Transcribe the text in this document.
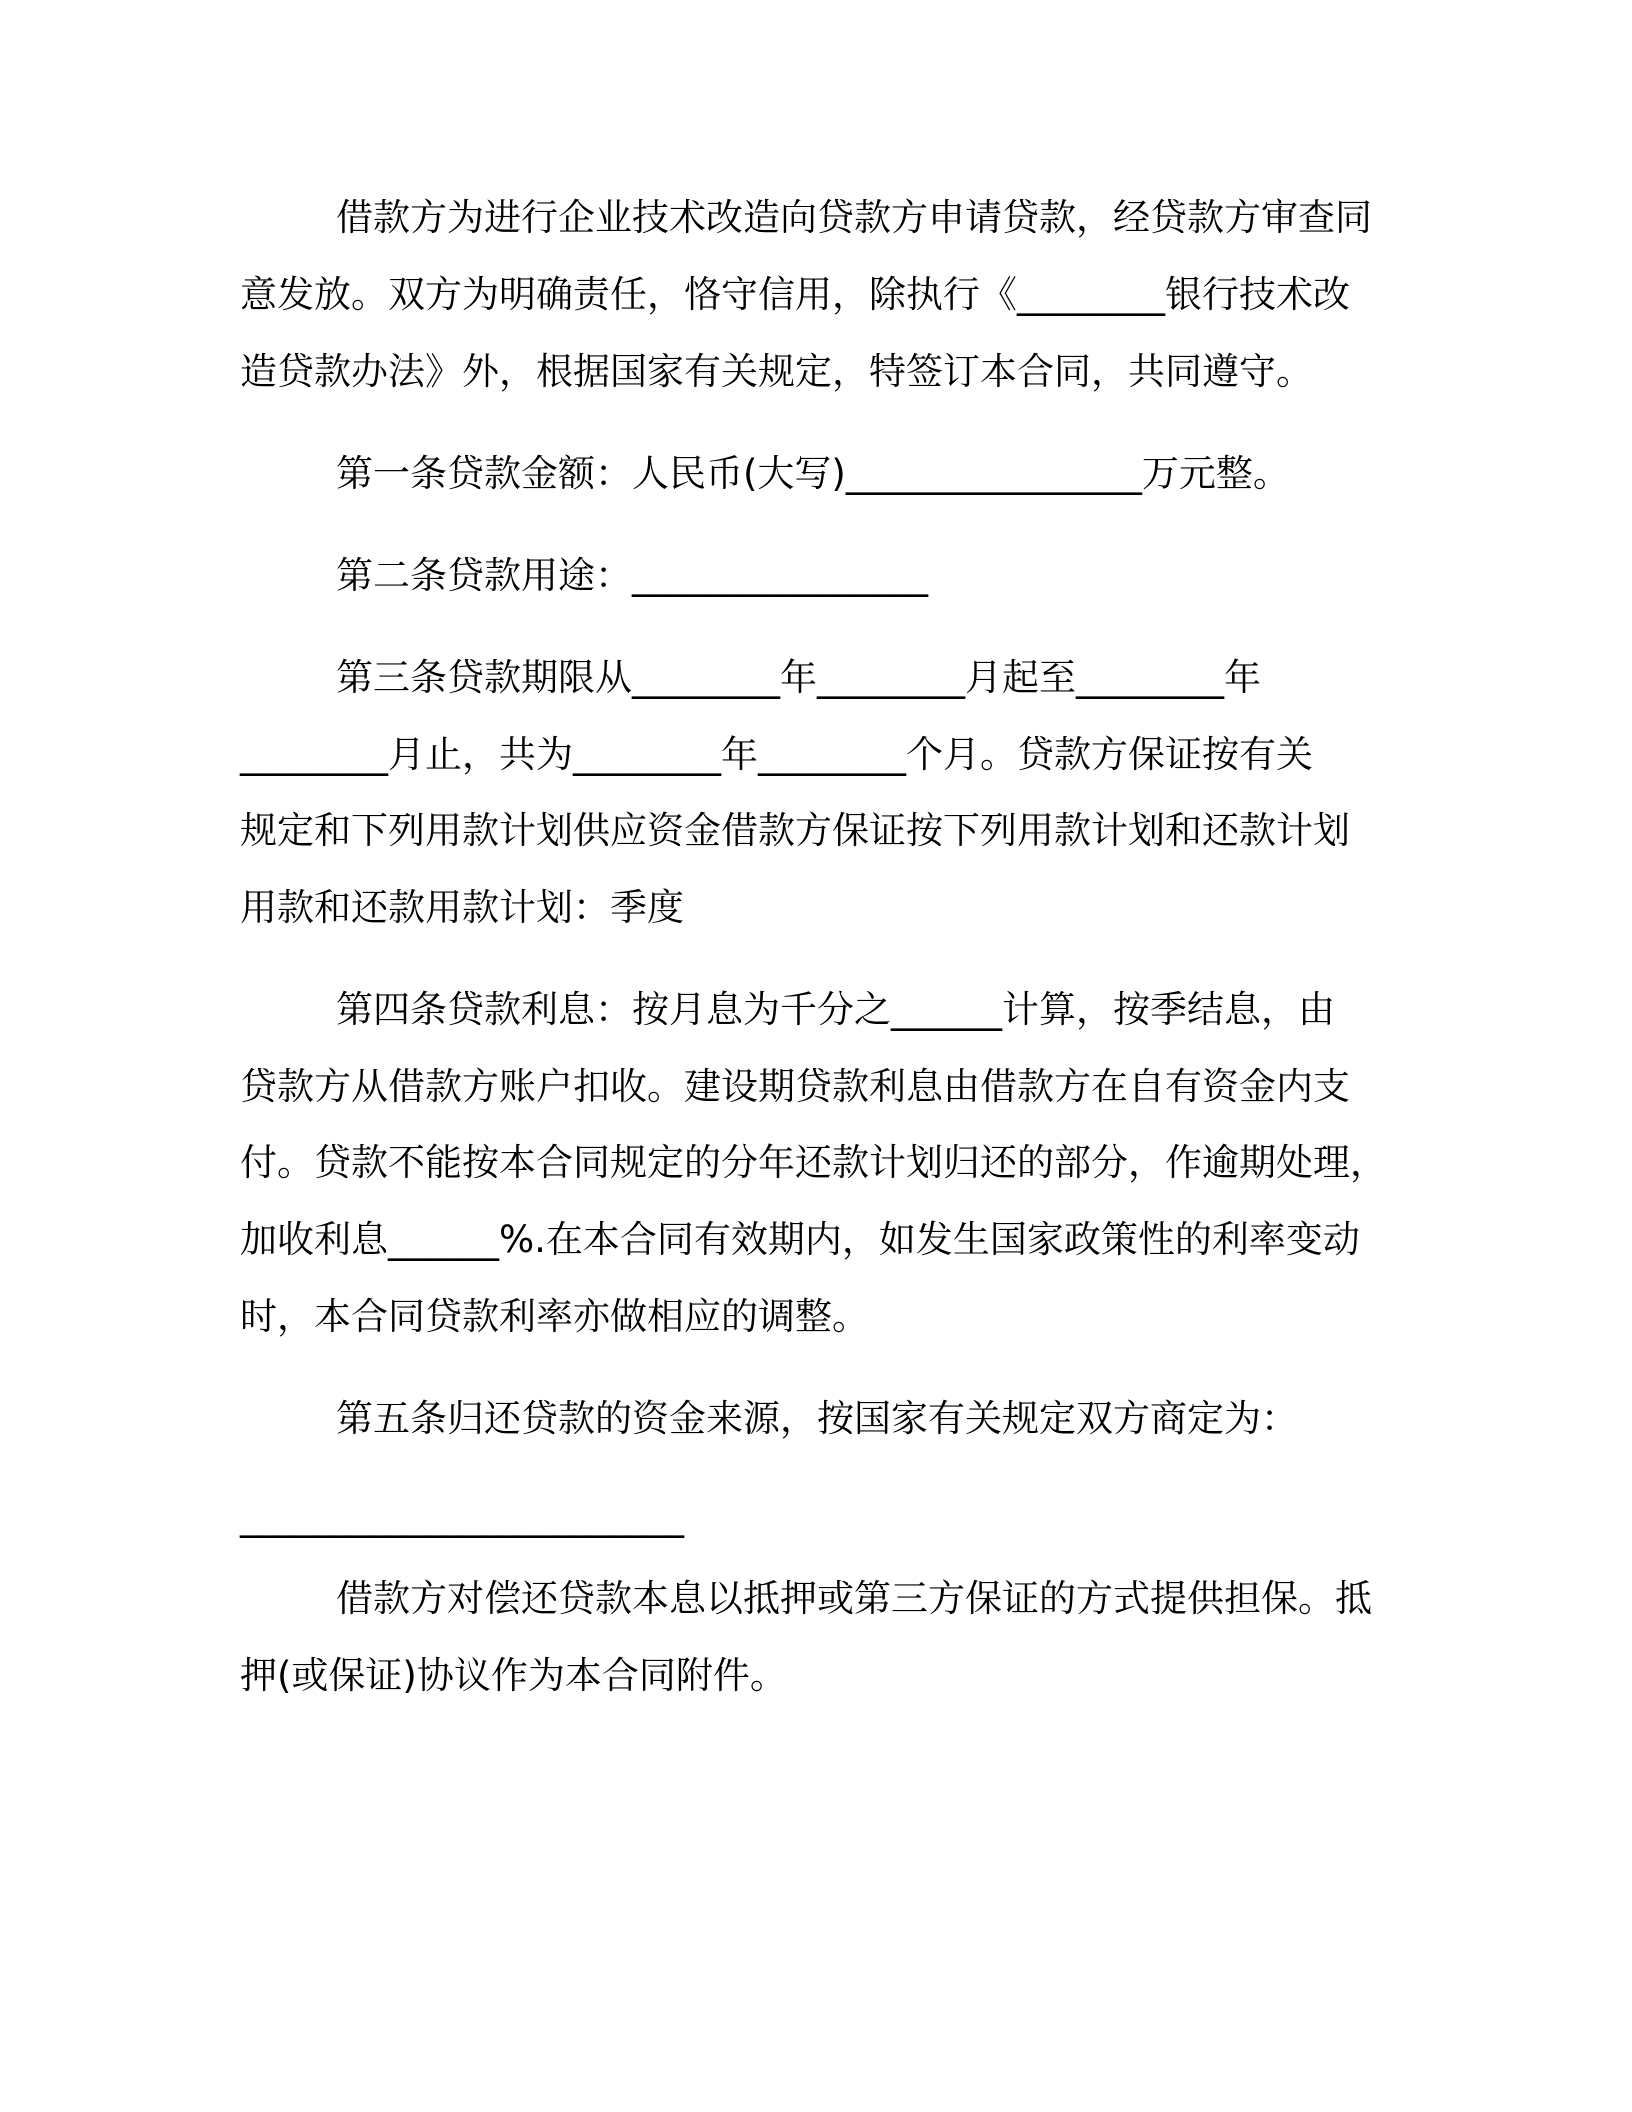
借款方为进行企业技术改造向贷款方申请贷款，经贷款方审查同
意发放。双方为明确责任，恪守信用，除执行《________银行技术改
造贷款办法》外，根据国家有关规定，特签订本合同，共同遵守。
第一条贷款金额：人民币(大写)________________万元整。
第二条贷款用途：________________
第三条贷款期限从________年________月起至________年
________月止，共为________年________个月。贷款方保证按有关
规定和下列用款计划供应资金借款方保证按下列用款计划和还款计划
用款和还款用款计划：季度
第四条贷款利息：按月息为千分之______计算，按季结息，由
贷款方从借款方账户扣收。建设期贷款利息由借款方在自有资金内支
付。贷款不能按本合同规定的分年还款计划归还的部分，作逾期处理，
加收利息______%.在本合同有效期内，如发生国家政策性的利率变动
时，本合同贷款利率亦做相应的调整。
第五条归还贷款的资金来源，按国家有关规定双方商定为：
________________________
借款方对偿还贷款本息以抵押或第三方保证的方式提供担保。抵
押(或保证)协议作为本合同附件。
